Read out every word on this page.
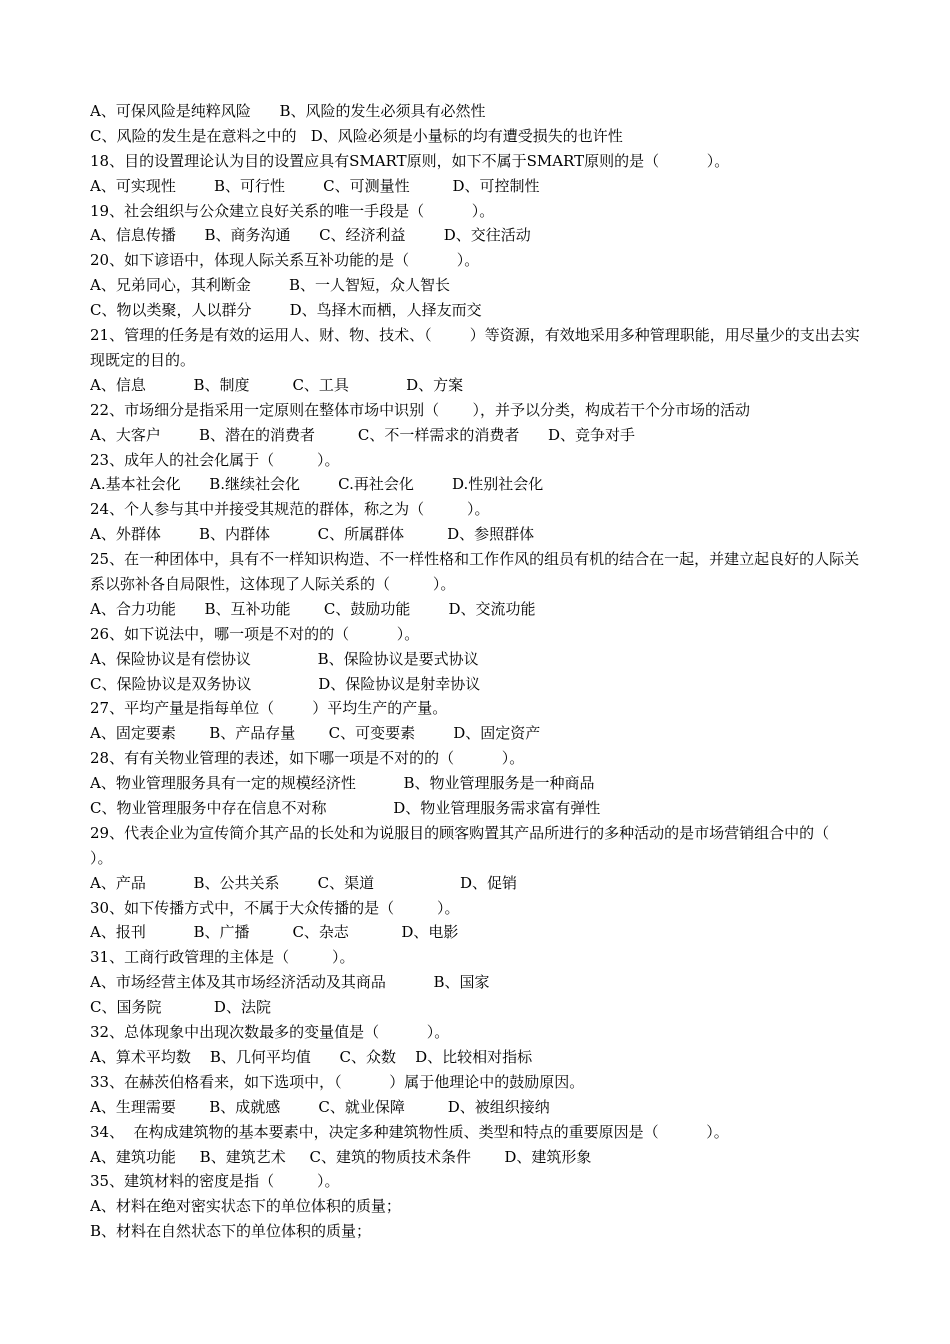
A、可保风险是纯粹风险      B、风险的发生必须具有必然性
C、风险的发生是在意料之中的   D、风险必须是小量标的均有遭受损失的也许性
18、目的设置理论认为目的设置应具有SMART原则，如下不属于SMART原则的是（          ）。
A、可实现性        B、可行性        C、可测量性         D、可控制性
19、社会组织与公众建立良好关系的唯一手段是（          ）。
A、信息传播      B、商务沟通      C、经济利益        D、交往活动
20、如下谚语中，体现人际关系互补功能的是（          ）。
A、兄弟同心，其利断金        B、一人智短，众人智长
C、物以类聚，人以群分        D、鸟择木而栖，人择友而交
21、管理的任务是有效的运用人、财、物、技术、（        ）等资源，有效地采用多种管理职能，用尽量少的支出去实现既定的目的。
A、信息          B、制度         C、工具            D、方案
22、市场细分是指采用一定原则在整体市场中识别（       ），并予以分类，构成若干个分市场的活动
A、大客户        B、潜在的消费者         C、不一样需求的消费者      D、竞争对手
23、成年人的社会化属于（         ）。
A.基本社会化      B.继续社会化        C.再社会化        D.性别社会化
24、个人参与其中并接受其规范的群体，称之为（         ）。
A、外群体        B、内群体          C、所属群体         D、参照群体
25、在一种团体中，具有不一样知识构造、不一样性格和工作作风的组员有机的结合在一起，并建立起良好的人际关系以弥补各自局限性，这体现了人际关系的（         ）。
A、合力功能      B、互补功能       C、鼓励功能        D、交流功能
26、如下说法中，哪一项是不对的的（          ）。
A、保险协议是有偿协议              B、保险协议是要式协议
C、保险协议是双务协议              D、保险协议是射幸协议
27、平均产量是指每单位（        ）平均生产的产量。
A、固定要素       B、产品存量       C、可变要素        D、固定资产
28、有有关物业管理的表述，如下哪一项是不对的的（          ）。
A、物业管理服务具有一定的规模经济性          B、物业管理服务是一种商品
C、物业管理服务中存在信息不对称              D、物业管理服务需求富有弹性
29、代表企业为宣传简介其产品的长处和为说服目的顾客购置其产品所进行的多种活动的是市场营销组合中的（         ）。
A、产品          B、公共关系        C、渠道                  D、促销
30、如下传播方式中，不属于大众传播的是（         ）。
A、报刊          B、广播         C、杂志           D、电影
31、工商行政管理的主体是（         ）。
A、市场经营主体及其市场经济活动及其商品          B、国家
C、国务院           D、法院
32、总体现象中出现次数最多的变量值是（          ）。
A、算术平均数    B、几何平均值      C、众数    D、比较相对指标
33、在赫茨伯格看来，如下选项中，（          ）属于他理论中的鼓励原因。
A、生理需要       B、成就感        C、就业保障         D、被组织接纳
34、  在构成建筑物的基本要素中，决定多种建筑物性质、类型和特点的重要原因是（          ）。
A、建筑功能     B、建筑艺术     C、建筑的物质技术条件       D、建筑形象
35、建筑材料的密度是指（         ）。
A、材料在绝对密实状态下的单位体积的质量；
B、材料在自然状态下的单位体积的质量；
